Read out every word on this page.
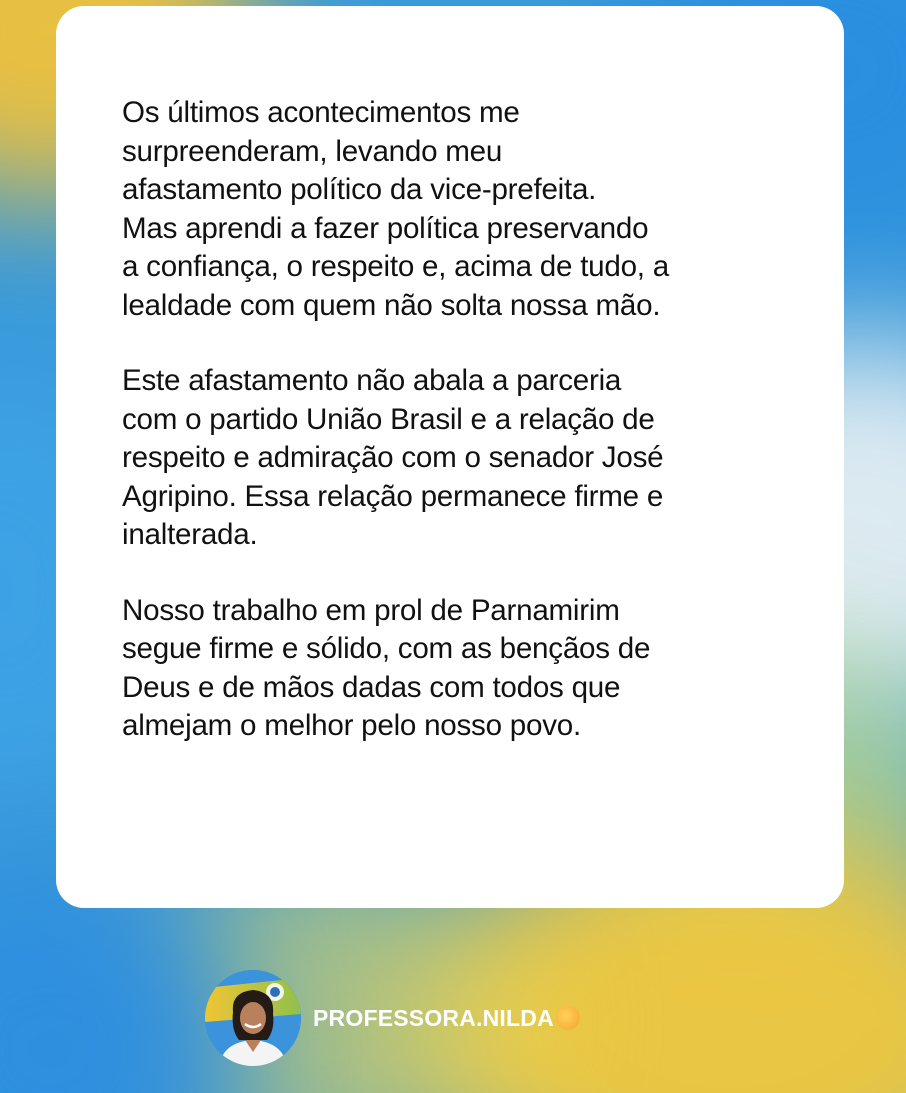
Os últimos acontecimentos me
surpreenderam, levando meu
afastamento político da vice-prefeita.
Mas aprendi a fazer política preservando
a confiança, o respeito e, acima de tudo, a
lealdade com quem não solta nossa mão.

Este afastamento não abala a parceria
com o partido União Brasil e a relação de
respeito e admiração com o senador José
Agripino. Essa relação permanece firme e
inalterada.

Nosso trabalho em prol de Parnamirim
segue firme e sólido, com as bençãos de
Deus e de mãos dadas com todos que
almejam o melhor pelo nosso povo.

PROFESSORA.NILDA
